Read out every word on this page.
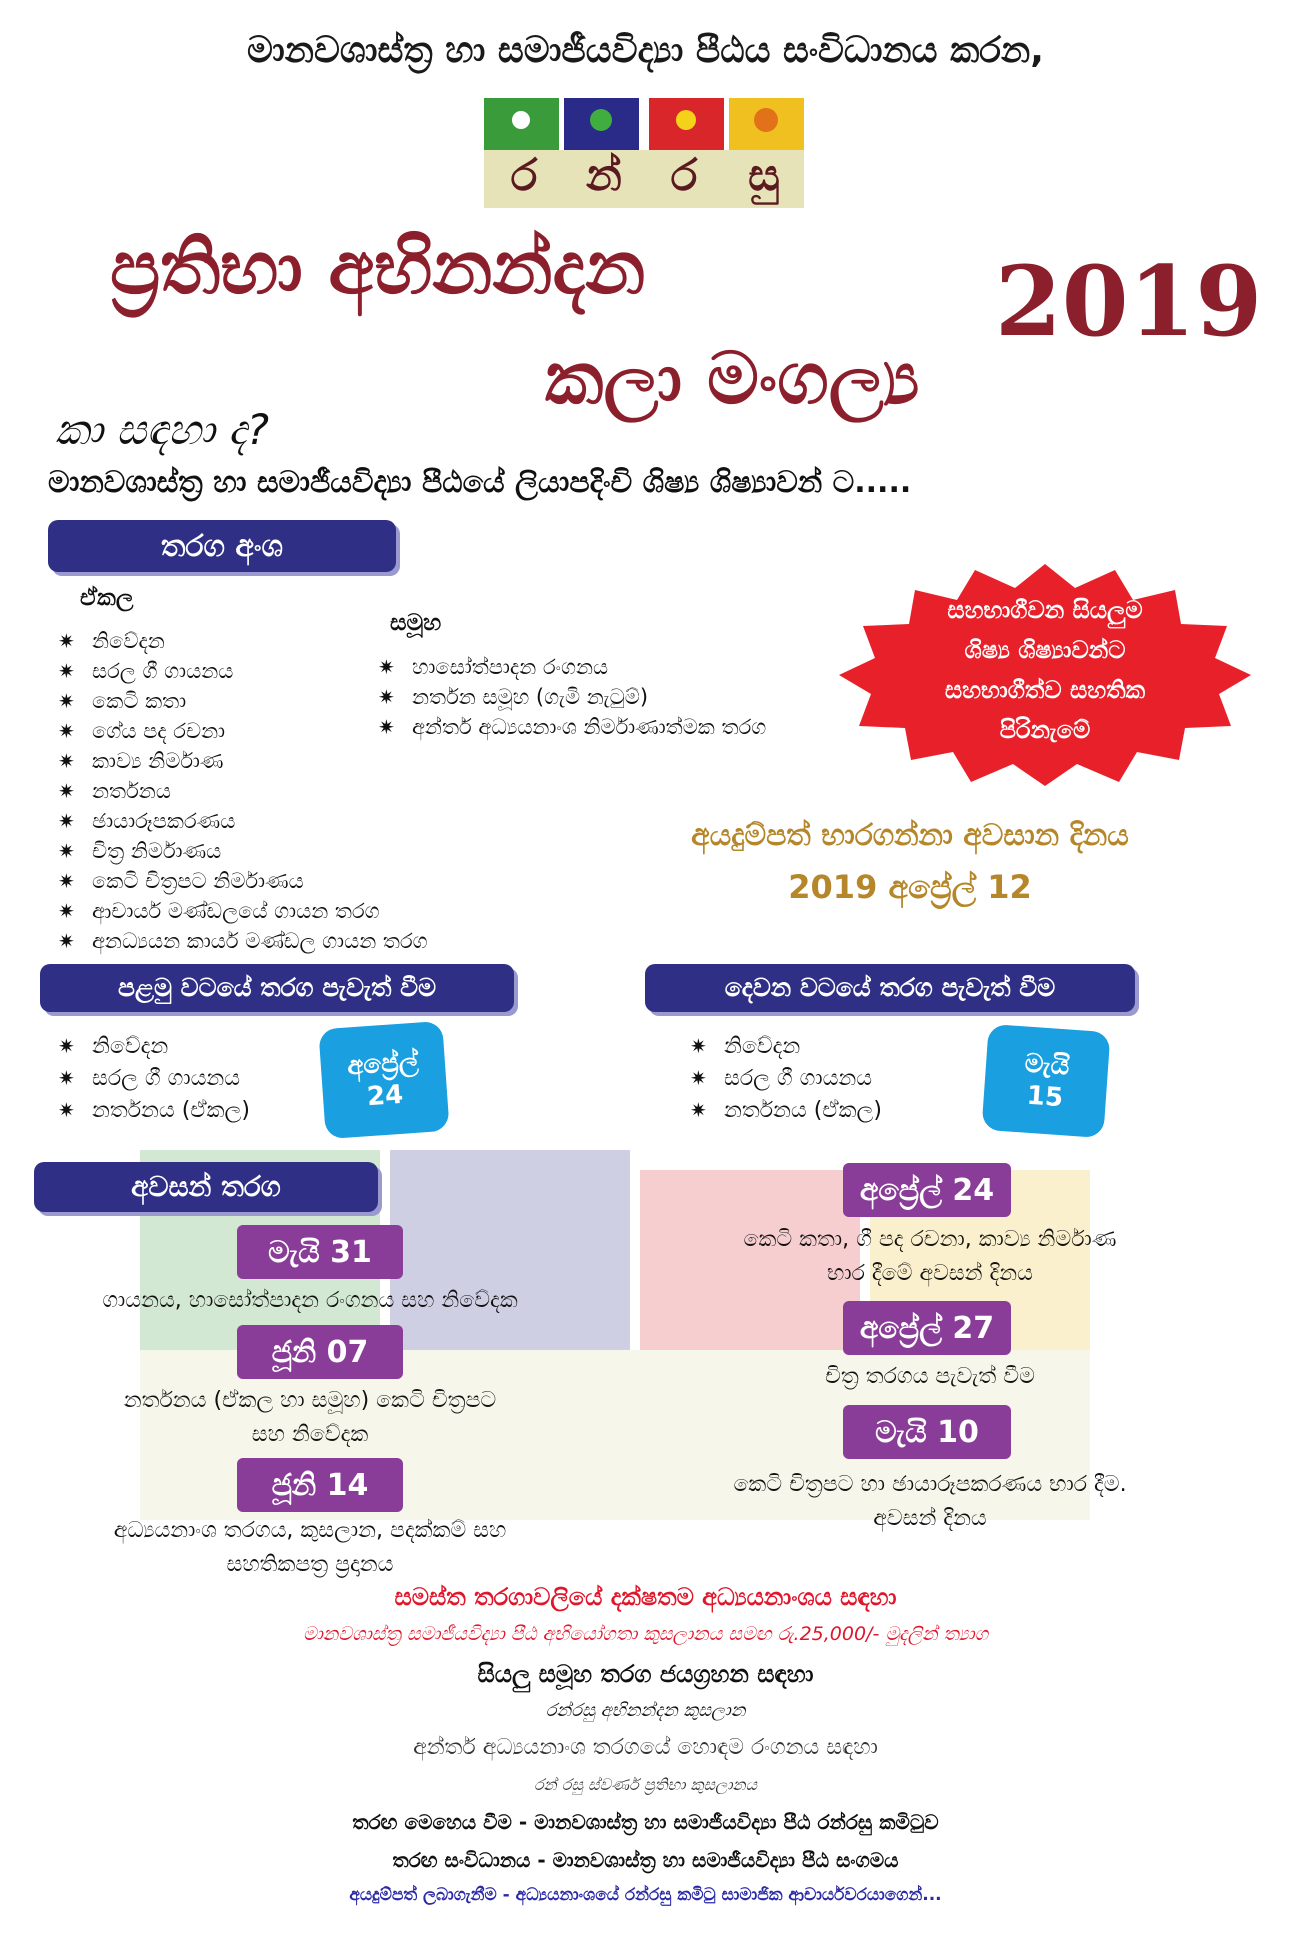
මානවශාස්ත්‍ර හා සමාජීයවිද්‍යා පීඨය සංවිධානය කරන,
ර	න්	ර	සු
ප්‍රතිභා අභිනන්දන	2019
කලා මංගල්‍ය
කා සඳහා ද?
මානවශාස්ත්‍ර හා සමාජීයවිද්‍යා පීඨයේ ලියාපදිංචි ශිෂ්‍ය ශිෂ්‍යාවන් ට.....
තරග අංශ
ඒකල
✷ නිවේදන
✷ සරල ගී ගායනය
✷ කෙටි කතා
✷ ගේය පද රචනා
✷ කාව්‍ය නිර්මාණ
✷ නර්තනය
✷ ඡායාරූපකරණය
✷ චිත්‍ර නිර්මාණය
✷ කෙටි චිත්‍රපට නිර්මාණය
✷ ආචාර්ය මණ්ඩලයේ ගායන තරග
✷ අනධ්‍යයන කාර්ය මණ්ඩල ගායන තරග
සමූහ
✷ හාසෝත්පාදන රංගනය
✷ නර්තන සමූහ (ගැමි නැටුම්)
✷ අන්තර් අධ්‍යයනාංශ නිර්මාණාත්මක තරග
සහභාගීවන සියලුම
ශිෂ්‍ය ශිෂ්‍යාවන්ට
සහභාගීත්ව සහතික
පිරිනැමේ
අයදුම්පත් භාරගන්නා අවසාන දිනය
2019 අප්‍රේල් 12
පළමු වටයේ තරග පැවැත් වීම
✷ නිවේදන
✷ සරල ගී ගායනය
✷ නර්තනය (ඒකල)
අප්‍රේල්
24
දෙවන වටයේ තරග පැවැත් වීම
✷ නිවේදන
✷ සරල ගී ගායනය
✷ නර්තනය (ඒකල)
මැයි
15
අවසන් තරග
මැයි 31
ගායනය, හාසෝත්පාදන රංගනය සහ නිවේදක
ජූනි 07
නර්තනය (ඒකල හා සමූහ) කෙටි චිත්‍රපට
සහ නිවේදක
ජූනි 14
අධ්‍යයනාංශ තරගය, කුසලාන, පදක්කම් සහ
සහතිකපත්‍ර ප්‍රදානය
අප්‍රේල් 24
කෙටි කතා, ගී පද රචනා, කාව්‍ය නිර්මාණ
භාර දීමේ අවසන් දිනය
අප්‍රේල් 27
චිත්‍ර තරගය පැවැත් වීම
මැයි 10
කෙටි චිත්‍රපට හා ඡායාරූපකරණය භාර දීම.
අවසන් දිනය
සමස්ත තරගාවලියේ දක්ෂතම අධ්‍යයනාංශය සඳහා
මානවශාස්ත්‍ර සමාජීයවිද්‍යා පීඨ අභියෝගතා කුසලානය සමඟ රු.25,000/- මුදලින් ත්‍යාග
සියලු සමූහ තරග ජයග්‍රහන සඳහා
රන්රසු අභිනන්දන කුසලාන
අන්තර් අධ්‍යයනාංශ තරගයේ හොඳම රංගනය සඳහා
රන් රසු ස්වර්ණ ප්‍රතිභා කුසලානය
තරඟ මෙහෙය වීම - මානවශාස්ත්‍ර හා සමාජීයවිද්‍යා පීඨ රන්රසු කමිටුව
තරඟ සංවිධානය - මානවශාස්ත්‍ර හා සමාජීයවිද්‍යා පීඨ සංගමය
අයදුම්පත් ලබාගැනීම - අධ්‍යයනාංශයේ රන්රසු කමිටු සාමාජික ආචාර්යවරයාගෙන්...
